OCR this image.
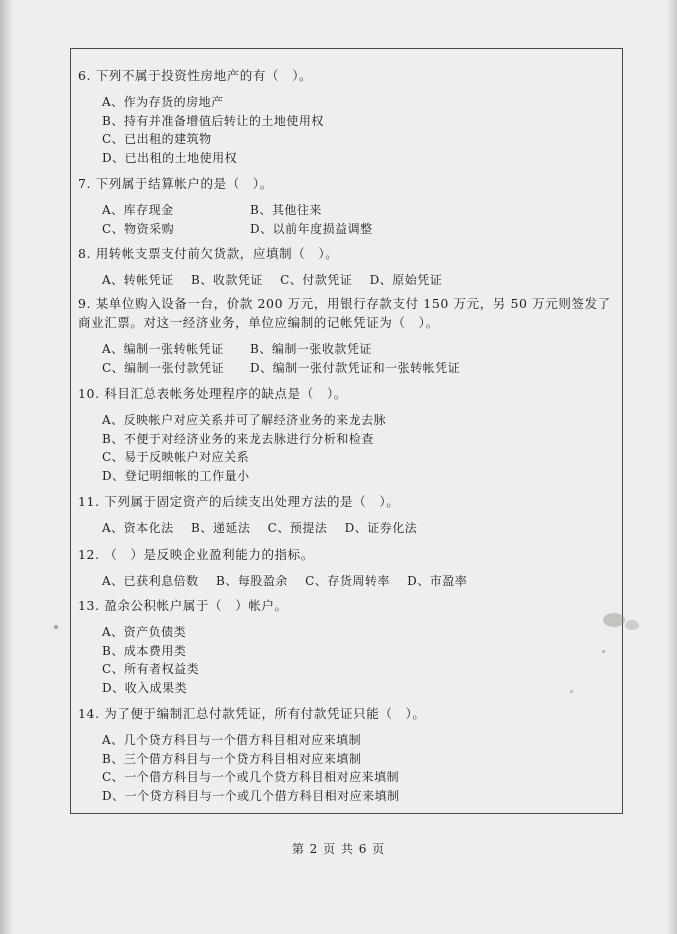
6. 下列不属于投资性房地产的有（　）。
A、作为存货的房地产
B、持有并准备增值后转让的土地使用权
C、已出租的建筑物
D、已出租的土地使用权
7. 下列属于结算帐户的是（　）。
A、库存现金	B、其他往来
C、物资采购	D、以前年度损益调整
8. 用转帐支票支付前欠货款，应填制（　）。
A、转帐凭证 B、收款凭证 C、付款凭证 D、原始凭证
9. 某单位购入设备一台，价款 200 万元，用银行存款支付 150 万元，另 50 万元则签发了商业汇票。对这一经济业务，单位应编制的记帐凭证为（　）。
A、编制一张转帐凭证	B、编制一张收款凭证
C、编制一张付款凭证	D、编制一张付款凭证和一张转帐凭证
10. 科目汇总表帐务处理程序的缺点是（　）。
A、反映帐户对应关系并可了解经济业务的来龙去脉
B、不便于对经济业务的来龙去脉进行分析和检查
C、易于反映帐户对应关系
D、登记明细帐的工作量小
11. 下列属于固定资产的后续支出处理方法的是（　）。
A、资本化法 B、递延法 C、预提法 D、证券化法
12. （　）是反映企业盈利能力的指标。
A、已获利息倍数 B、每股盈余 C、存货周转率 D、市盈率
13. 盈余公积帐户属于（　）帐户。
A、资产负债类
B、成本费用类
C、所有者权益类
D、收入成果类
14. 为了便于编制汇总付款凭证，所有付款凭证只能（　）。
A、几个贷方科目与一个借方科目相对应来填制
B、三个借方科目与一个贷方科目相对应来填制
C、一个借方科目与一个或几个贷方科目相对应来填制
D、一个贷方科目与一个或几个借方科目相对应来填制
第 2 页 共 6 页
